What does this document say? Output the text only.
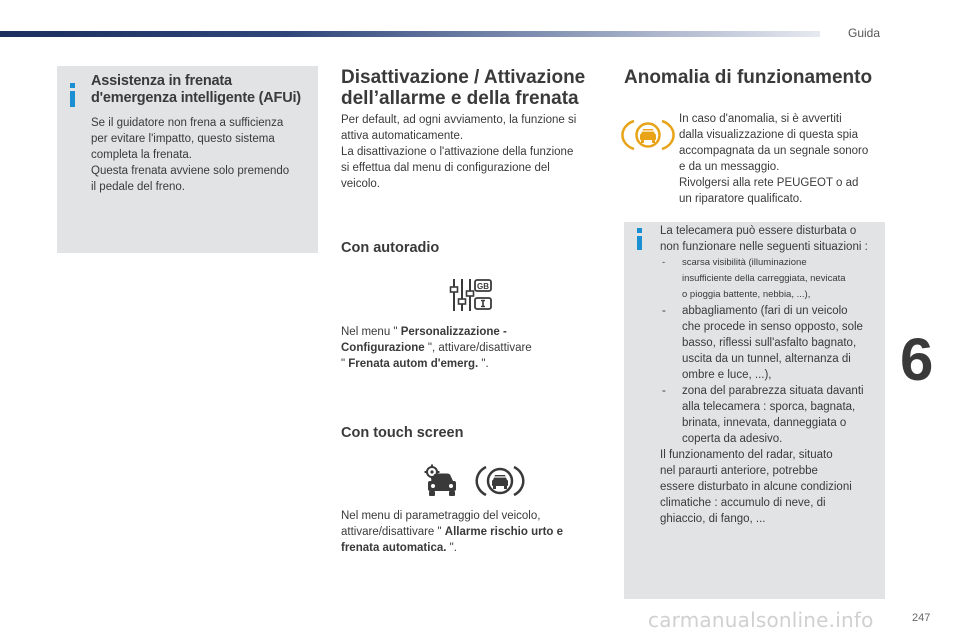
Guida
Assistenza in frenata
d'emergenza intelligente (AFUi)
Se il guidatore non frena a sufficienza
per evitare l'impatto, questo sistema
completa la frenata.
Questa frenata avviene solo premendo
il pedale del freno.
Disattivazione / Attivazione
dell’allarme e della frenata
Per default, ad ogni avviamento, la funzione si
attiva automaticamente.
La disattivazione o l'attivazione della funzione
si effettua dal menu di configurazione del
veicolo.
Con autoradio
GB
Nel menu " Personalizzazione -
Configurazione ", attivare/disattivare
" Frenata autom d'emerg. ".
Con touch screen
Nel menu di parametraggio del veicolo,
attivare/disattivare " Allarme rischio urto e
frenata automatica. ".
Anomalia di funzionamento
In caso d'anomalia, si è avvertiti
dalla visualizzazione di questa spia
accompagnata da un segnale sonoro
e da un messaggio.
Rivolgersi alla rete PEUGEOT o ad
un riparatore qualificato.
La telecamera può essere disturbata o
non funzionare nelle seguenti situazioni :
- scarsa visibilità (illuminazione
insufficiente della carreggiata, nevicata
o pioggia battente, nebbia, ...),
- abbagliamento (fari di un veicolo
che procede in senso opposto, sole
basso, riflessi sull'asfalto bagnato,
uscita da un tunnel, alternanza di
ombre e luce, ...),
- zona del parabrezza situata davanti
alla telecamera : sporca, bagnata,
brinata, innevata, danneggiata o
coperta da adesivo.
Il funzionamento del radar, situato
nel paraurti anteriore, potrebbe
essere disturbato in alcune condizioni
climatiche : accumulo di neve, di
ghiaccio, di fango, ...
6
carmanualsonline.info	247
